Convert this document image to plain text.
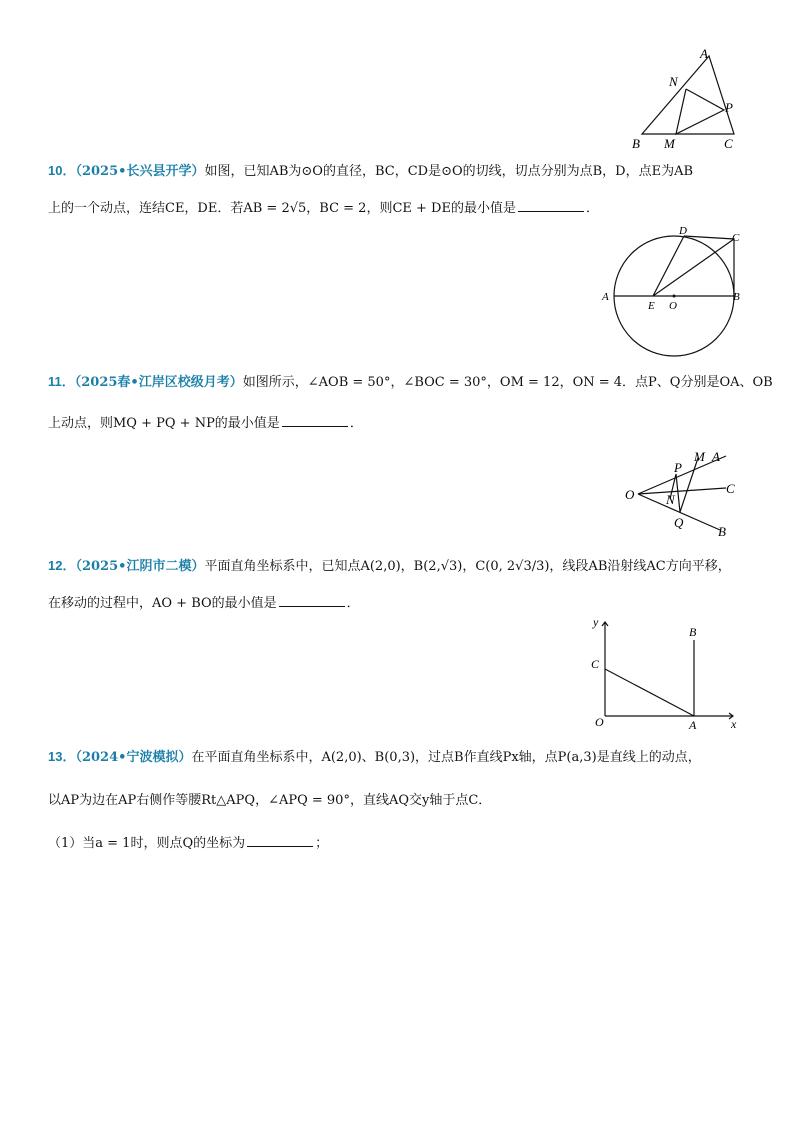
A
N
P
B M	C
10．（2025•长兴县开学）如图，已知AB为⊙O的直径，BC，CD是⊙O的切线，切点分别为点B，D，点E为AB
上的一个动点，连结CE，DE．若AB = 2√5，BC = 2，则CE + DE的最小值是	．
D
C
A
E O
B
11．（2025春•江岸区校级月考）如图所示，∠AOB = 50°，∠BOC = 30°，OM = 12，ON = 4．点P、Q分别是OA、OB
上动点，则MQ + PQ + NP的最小值是	．
M A
P
O N
C
Q
B
12．（2025•江阴市二模）平面直角坐标系中，已知点A(2,0)，B(2,√3)，C(0, 2√3/3)，线段AB沿射线AC方向平移，
在移动的过程中，AO + BO的最小值是	．
y
B
C
O	A	x
13．（2024•宁波模拟）在平面直角坐标系中，A(2,0)、B(0,3)，过点B作直线Px轴，点P(a,3)是直线上的动点，
以AP为边在AP右侧作等腰Rt△APQ，∠APQ = 90°，直线AQ交y轴于点C．
（1）当a = 1时，则点Q的坐标为	；
